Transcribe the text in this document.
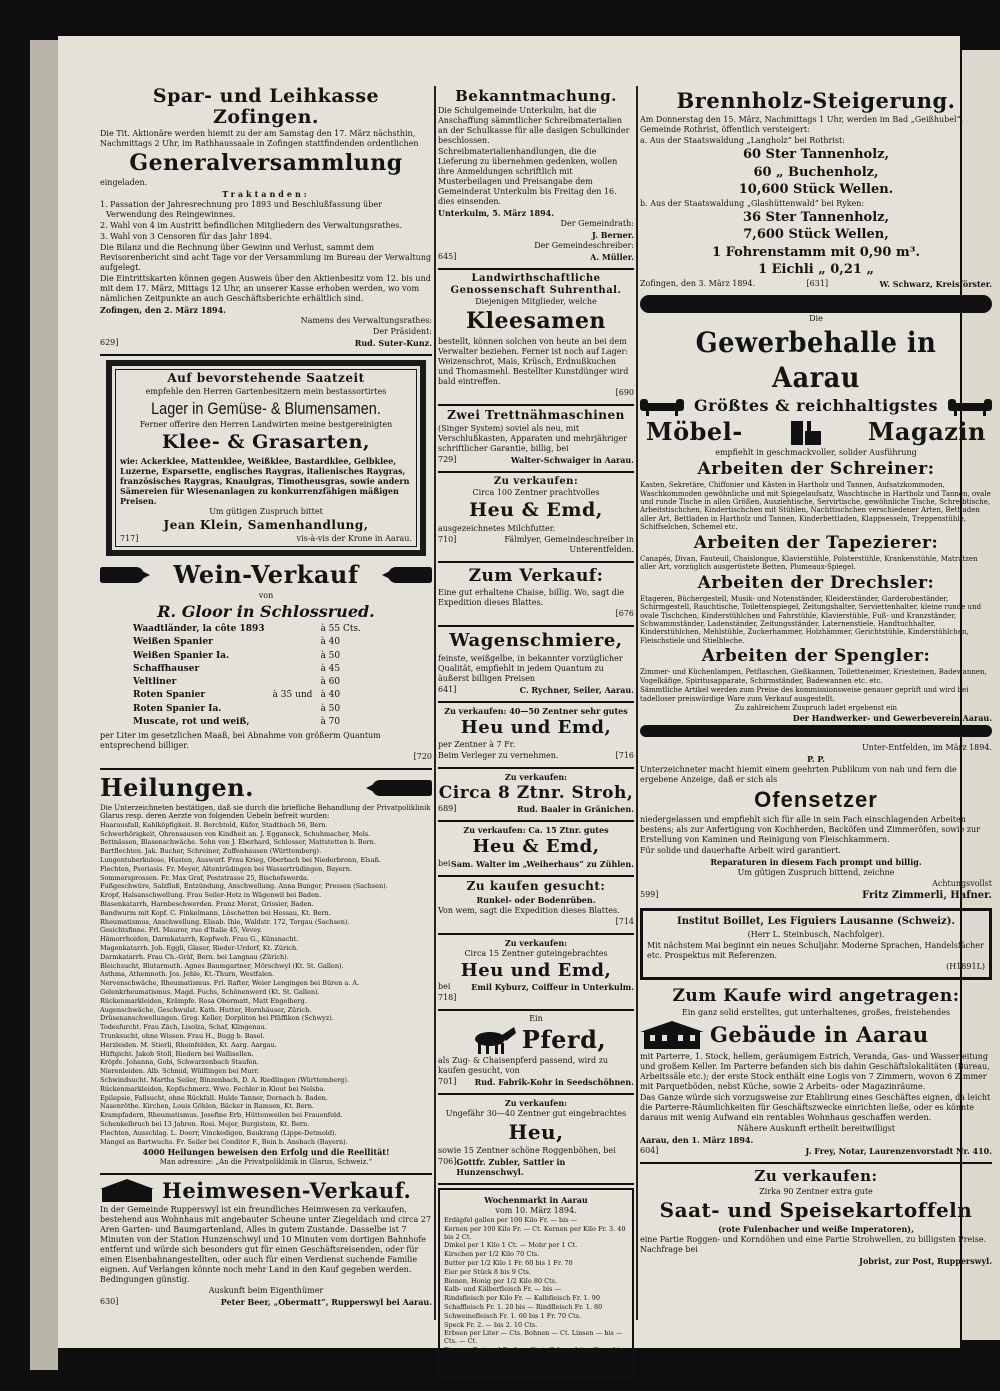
Spar- und Leihkasse Zofingen.

Die Tit. Aktionäre werden hiemit zu der am Samstag den 17. März nächsthin, Nachmittags 2 Uhr, im Rathhaussaale in Zofingen stattfindenden ordentlichen

Generalversammlung

eingeladen.

Traktanden:

1. Passation der Jahresrechnung pro 1893 und Beschlußfassung über Verwendung des Reingewinnes.

2. Wahl von 4 im Austritt befindlichen Mitgliedern des Verwaltungsrathes.

3. Wahl von 3 Censoren für das Jahr 1894.

Die Bilanz und die Rechnung über Gewinn und Verlust, sammt dem Revisorenbericht sind acht Tage vor der Versammlung im Bureau der Verwaltung aufgelegt.

Die Eintrittskarten können gegen Ausweis über den Aktienbesitz vom 12. bis und mit dem 17. März, Mittags 12 Uhr, an unserer Kasse erhoben werden, wo vom nämlichen Zeitpunkte an auch Geschäftsberichte erhältlich sind.

Zofingen, den 2. März 1894.

Namens des Verwaltungsrathes:

Der Präsident:

629]	Rud. Suter-Kunz.
Auf bevorstehende Saatzeit

empfehle den Herren Gartenbesitzern mein bestassortirtes

Lager in Gemüse- & Blumensamen.

Ferner offerire den Herren Landwirten meine bestgereinigten

Klee- & Grasarten,

wie: Ackerklee, Mattenklee, Weißklee, Bastardklee, Gelbklee, Luzerne, Esparsette, englisches Raygras, italienisches Raygras, französisches Raygras, Knaulgras, Timotheusgras, sowie andern Sämereien für Wiesenanlagen zu konkurrenzfähigen mäßigen Preisen.

Um gütigen Zuspruch bittet

Jean Klein, Samenhandlung,

717]	vis-à-vis der Krone in Aarau.
Wein-Verkauf

von

R. Gloor in Schlossrued.
Waadtländer, la côte 1893		à 55 Cts.
Weißen Spanier		à 40
Weißen Spanier Ia.		à 50
Schaffhauser		à 45
Veltliner		à 60
Roten Spanier	à 35 und	à 40
Roten Spanier Ia.		à 50
Muscate, rot und weiß,		à 70

per Liter im gesetzlichen Maaß, bei Abnahme von größerm Quantum entsprechend billiger.

[720

Heilungen.

Die Unterzeichneten bestätigen, daß sie durch die briefliche Behandlung der Privatpoliklinik Glarus resp. deren Aerzte von folgenden Uebeln befreit wurden:

Haarausfall, Kahlköpfigkeit. B. Berchtold, Küfer, Stadtbach 56, Bern.

Schwerhörigkeit, Ohrensausen von Kindheit an. J. Egganeck, Schuhmacher, Mels.

Bettnässen, Blasenschwäche. Sohn von J. Eberhard, Schlosser, Mattstetten b. Bern.

Bartflechten. Jak. Bucher, Schreiner, Zuffenhausen (Württemberg).

Lungentuberkulose, Husten, Auswurf. Frau Krieg, Oberbach bei Niederbronn, Elsaß.

Flechten, Psoriasis. Fr. Meyer, Altentrüdingen bei Wassertrüdingen, Bayern.

Sommersprossen. Fr. Max Graf, Poststrasse 25, Bischofswerda.

Fußgeschwüre, Salzfluß, Entzündung, Anschwellung. Anna Bunger, Pressen (Sachsen).

Kropf, Halsanschwellung. Frau Seiler-Hotz in Wägenwil bei Baden.

Blasenkatarrh, Harnbeschwerden. Franz Morat, Grissier, Baden.

Bandwurm mit Kopf. C. Finkelmann, Löschetten bei Hessau, Kt. Bern.

Rheumatismus, Anschwellung. Elisab. Ihle, Waldstr. 172, Torgau (Sachsen).

Gesichtsfinne. Frl. Maurer, rue d'Italie 45, Vevey.

Hämorrhoiden, Darmkatarrh, Kopfweh. Frau G., Künsnacht.

Magenkatarrh. Joh. Eggli, Glaser, Rieder-Urdorf, Kt. Zürich.

Darmkatarrh. Frau Ch.-Gräf, Bern. bei Langnau (Zürich).

Bleichsucht, Blutarmuth. Agnes Baumgartner, Mörschwyl (Kt. St. Gallen).

Asthma, Athemnoth. Jos. Jehle, Kt.-Thurn, Westfalen.

Nervenschwäche, Rheumatismus. Frl. Rafter, Weier Lengingen bei Büren a. A.

Gelenkrheumatismus. Magd. Fuchs, Schönenwerd (Kt. St. Gallen).

Rückenmarkleiden, Krämpfe. Rosa Obermatt, Matt Engelberg.

Augenschwäche, Geschwulst. Kath. Hutter, Hornhäuser, Zürich.

Drüsenanschwellungen. Greg. Keller, Dorpliton bei Pfäffikon (Schwyz).

Todesfurcht. Frau Zäch, Lisolza, Schaf, Klingenau.

Trunksucht, ohne Wissen. Frau H., Bugg b. Basel.

Herzleiden. M. Stierli, Rheinfelden, Kt. Aarg. Aargau.

Hüftgicht. Jakob Stoll, Riedern bei Wallisellen.

Kröpfe. Johanna, Gobi, Schwarzenbach Staufen.

Nierenleiden. Alb. Schmid, Wülflingen bei Murr.

Schwindsucht. Martha Seiler, Binzenbach, D. A. Riedlingen (Württemberg).

Rückenmarkleiden, Kopfschmerz. Wwe. Fechler in Klout bei Nelsba.

Epilepsie, Fallsucht, ohne Rückfall. Hulde Tanner, Dornach b. Baden.

Nasenröthe. Kirchen, Louis Göhlen, Bäcker in Ramsen, Kt. Bern.

Krampfadern, Rheumatismus. Josefine Erb, Hüttenweilen bei Frauenfeld.

Schenkelbruch bei 13 Jahren. Rosi. Mejer, Burgistein, Kt. Bern.

Flechten, Ausschlag. L. Doerr, Vinckedigen, Baukrang (Lippe-Detmold).

Mangel an Bartwuchs. Fr. Seiler bei Conditor F., Bein b. Ansbach (Bayern).

4000 Heilungen beweisen den Erfolg und die Reellität!

Man adressire: „An die Privatpoliklinik in Glarus, Schweiz.“

Heimwesen-Verkauf.

In der Gemeinde Rupperswyl ist ein freundliches Heimwesen zu verkaufen, bestehend aus Wohnhaus mit angebauter Scheune unter Ziegeldach und circa 27 Aren Garten- und Baumgartenland, Alles in gutem Zustande. Dasselbe ist 7 Minuten von der Station Hunzenschwyl und 10 Minuten vom dortigen Bahnhofe entfernt und würde sich besonders gut für einen Geschäftsreisenden, oder für einen Eisenbahnangestellten, oder auch für einen Verdienst suchende Familie eignen. Auf Verlangen könnte noch mehr Land in den Kauf gegeben werden. Bedingungen günstig.

Auskunft beim Eigenthümer

630]	Peter Beer, „Obermatt“, Rupperswyl bei Aarau.
Bekanntmachung.

Die Schulgemeinde Unterkulm, hat die Anschaffung sämmtlicher Schreibmaterialien an der Schulkasse für alle dasigen Schulkinder beschlossen.

Schreibmaterialienhandlungen, die die Lieferung zu übernehmen gedenken, wollen ihre Anmeldungen schriftlich mit Musterbeilagen und Preisangabe dem Gemeinderat Unterkulm bis Freitag den 16. dies einsenden.

Unterkulm, 5. März 1894.

Der Gemeindrath:

J. Berner.

Der Gemeindeschreiber:

645]	A. Müller.
Landwirthschaftliche Genossenschaft Suhrenthal.

Diejenigen Mitglieder, welche

Kleesamen

bestellt, können solchen von heute an bei dem Verwalter beziehen. Ferner ist noch auf Lager: Weizenschrot, Mais, Krüsch, Erdnußkuchen und Thomasmehl. Bestellter Kunstdünger wird bald eintreffen.

[690

Zwei Trettnähmaschinen

(Singer System) soviel als neu, mit Verschlußkasten, Apparaten und mehrjähriger schriftlicher Garantie, billig, bei

729]	Walter-Schwaiger in Aarau.
Zu verkaufen:

Circa 100 Zentner prachtvolles

Heu & Emd,

ausgezeichnetes Milchfutter.

710]	Fälmlyer, Gemeindeschreiber in Unterentfelden.
Zum Verkauf:

Eine gut erhaltene Chaise, billig. Wo, sagt die Expedition dieses Blattes.

[676

Wagenschmiere,

feinste, weißgelbe, in bekannter vorzüglicher Qualität, empfiehlt in jedem Quantum zu äußerst billigen Preisen

641]	C. Rychner, Seiler, Aarau.

Zu verkaufen: 40—50 Zentner sehr gutes

Heu und Emd,

per Zentner à 7 Fr.

Beim Verleger zu vernehmen.	[716

Zu verkaufen:

Circa 8 Ztnr. Stroh,
689]	Rud. Baaler in Gränichen.

Zu verkaufen: Ca. 15 Ztnr. gutes

Heu & Emd,
bei Sam. Walter im „Weiherhaus“ zu Zühlen.
Zu kaufen gesucht:

Runkel- oder Bodenrüben.

Von wem, sagt die Expedition dieses Blattes.

[714

Zu verkaufen:

Circa 15 Zentner guteingebrachtes

Heu und Emd,
bei	Emil Kyburz, Coiffeur in Unterkulm.

718]

Ein

Pferd,

als Zug- & Chaisenpferd passend, wird zu kaufen gesucht, von

701] Rud. Fabrik-Kohr in Seedschöhnen.

Zu verkaufen:

Ungefähr 30—40 Zentner gut eingebrachtes

Heu,

sowie 15 Zentner schöne Roggenböhen, bei

706] Gottfr. Zubler, Sattler in Hunzenschwyl.

Wochenmarkt in Aarau

vom 10. März 1894.

Erdäpfel gallen per 100 Kilo Fr. — bis —

Kernen per 100 Kilo Fr. — Ct. Kernen per Kilo Fr. 3. 40 bis 2 Ct.

Dinkel per 1 Kilo 1 Ct. — Mohr per 1 Ct.

Kirschen per 1/2 Kilo 70 Cts.

Butter per 1/2 Kilo 1 Fr. 60 bis 1 Fr. 70

Eier per Stück 8 bis 9 Cts.

Bienen, Honig per 1/2 Kilo 80 Cts.

Kalb- und Kälberfleisch Fr. — bis —

Rindsfleisch per Kilo Fr. — Kalbfleisch Fr. 1. 90

Schaffleisch Fr. 1. 20 bis — Rindfleisch Fr. 1. 80

Schweinefleisch Fr. 1. 60 bis 1 Fr. 70 Cts.

Speck Fr. 2. — bis 2. 10 Cts.

Erbsen per Liter — Cts. Bohnen — Ct. Linsen — bis — Cts. — Ct.

Eier per Dutzend Fr. 1. — Kartoffel per Liter Ct. — bis 18

7 Wohnen zu 10 Cts.

Brennholz-Steigerung.

Am Donnerstag den 15. März, Nachmittags 1 Uhr, werden im Bad „Geißhubel“, Gemeinde Rothrist, öffentlich versteigert:

a. Aus der Staatswaldung „Langholz“ bei Rothrist:

60 Ster Tannenholz,

60 „ Buchenholz,

10,600 Stück Wellen.

b. Aus der Staatswaldung „Glashüttenwald“ bei Ryken:

36 Ster Tannenholz,

7,600 Stück Wellen,

1 Fohrenstamm mit 0,90 m³.

1 Eichli „ 0,21 „

Zofingen, den 3. März 1894.	[631]	W. Schwarz, Kreisförster.

Die

Gewerbehalle in Aarau
Größtes & reichhaltigstes
Möbel-	Magazin

empfiehlt in geschmackvoller, solider Ausführung

Arbeiten der Schreiner:

Kasten, Sekretäre, Chiffonier und Kästen in Hartholz und Tannen, Aufsatzkommoden, Waschkommoden gewöhnliche und mit Spiegelaufsatz, Waschtische in Hartholz und Tannen, ovale und runde Tische in allen Größen, Ausziehtische, Servirtische, gewöhnliche Tische, Schreibtische, Arbeitstischchen, Kindertischchen mit Stühlen, Nachttischchen verschiedener Arten, Bettladen aller Art, Bettladen in Hartholz und Tannen, Kinderbettladen, Klappsesseln, Treppenstühle, Schiffselchen, Schemel etc.

Arbeiten der Tapezierer:

Canapés, Divan, Fauteuil, Chaislongue, Klavierstühle, Polsterstühle, Krankenstühle, Matratzen aller Art, vorzüglich ausgerüstete Betten, Plumeaux-Spiegel.

Arbeiten der Drechsler:

Etageren, Büchergestell, Musik- und Notenständer, Kleiderständer, Garderobeständer, Schirmgestell, Rauchtische, Toilettenspiegel, Zeitungshalter, Serviettenhalter, kleine runde und ovale Tischchen, Kinderstühlchen und Fahrstühle, Klavierstühle, Fuß- und Kranzständer, Schwammständer, Ladenständer, Zeitungsständer, Laternenstiele, Handtuchhalter, Kinderstühlchen, Mehlstühle, Zuckerhammer, Holzhämmer, Gerichtstühle, Kinderstühlchen, Fleischstiele und Stielbleche.

Arbeiten der Spengler:

Zimmer- und Küchenlampen, Petflaschen, Gießkannen, Toiletteneimer, Kriesteinen, Badewannen, Vogelkäfige, Spiritusapparate, Schirmständer, Badewannen etc. etc.

Sämmtliche Artikel werden zum Preise des kommissionsweise genauer geprüft und wird bei tadelloser preiswürdige Ware zum Verkauf ausgestellt.

Zu zahlreichem Zuspruch ladet ergebenst ein

Der Handwerker- und Gewerbeverein Aarau.

Unter-Entfelden, im März 1894.

P. P.

Unterzeichneter macht hiemit einem geehrten Publikum von nah und fern die ergebene Anzeige, daß er sich als

Ofensetzer

niedergelassen und empfiehlt sich für alle in sein Fach einschlagenden Arbeiten bestens; als zur Anfertigung von Kochherden, Backöfen und Zimmeröfen, sowie zur Erstellung von Kaminen und Reinigung von Fleischkammern.

Für solide und dauerhafte Arbeit wird garantiert.

Reparaturen in diesem Fach prompt und billig.

Um gütigen Zuspruch bittend, zeichne

Achtungsvollst

599]	Fritz Zimmerli, Hafner.

Institut Boillet, Les Figuiers Lausanne (Schweiz).

(Herr L. Steinbusch, Nachfolger).

Mit nächstem Mai beginnt ein neues Schuljahr. Moderne Sprachen, Handelsfächer etc. Prospektus mit Referenzen.

(H1891L)

Zum Kaufe wird angetragen:

Ein ganz solid erstelltes, gut unterhaltenes, großes, freistehendes

Gebäude in Aarau

mit Parterre, 1. Stock, hellem, geräumigem Estrich, Veranda, Gas- und Wasserleitung und großem Keller. Im Parterre befanden sich bis dahin Geschäftslokalitäten (Bureau, Arbeitssäle etc.); der erste Stock enthält eine Logis von 7 Zimmern, wovon 6 Zimmer mit Parquetböden, nebst Küche, sowie 2 Arbeits- oder Magazinräume.

Das Ganze würde sich vorzugsweise zur Etablirung eines Geschäftes eignen, da leicht die Parterre-Räumlichkeiten für Geschäftszwecke einrichten ließe, oder es könnte daraus mit wenig Aufwand ein rentables Wohnhaus geschaffen werden.

Nähere Auskunft ertheilt bereitwilligst

Aarau, den 1. März 1894.

604]	J. Frey, Notar, Laurenzenvorstadt Nr. 410.
Zu verkaufen:

Zirka 90 Zentner extra gute

Saat- und Speisekartoffeln

(rote Fulenbacher und weiße Imperatoren),

eine Partie Roggen- und Korndöhen und eine Partie Strohwellen, zu billigsten Preise. Nachfrage bei

Jobrist, zur Post, Rupperswyl.
